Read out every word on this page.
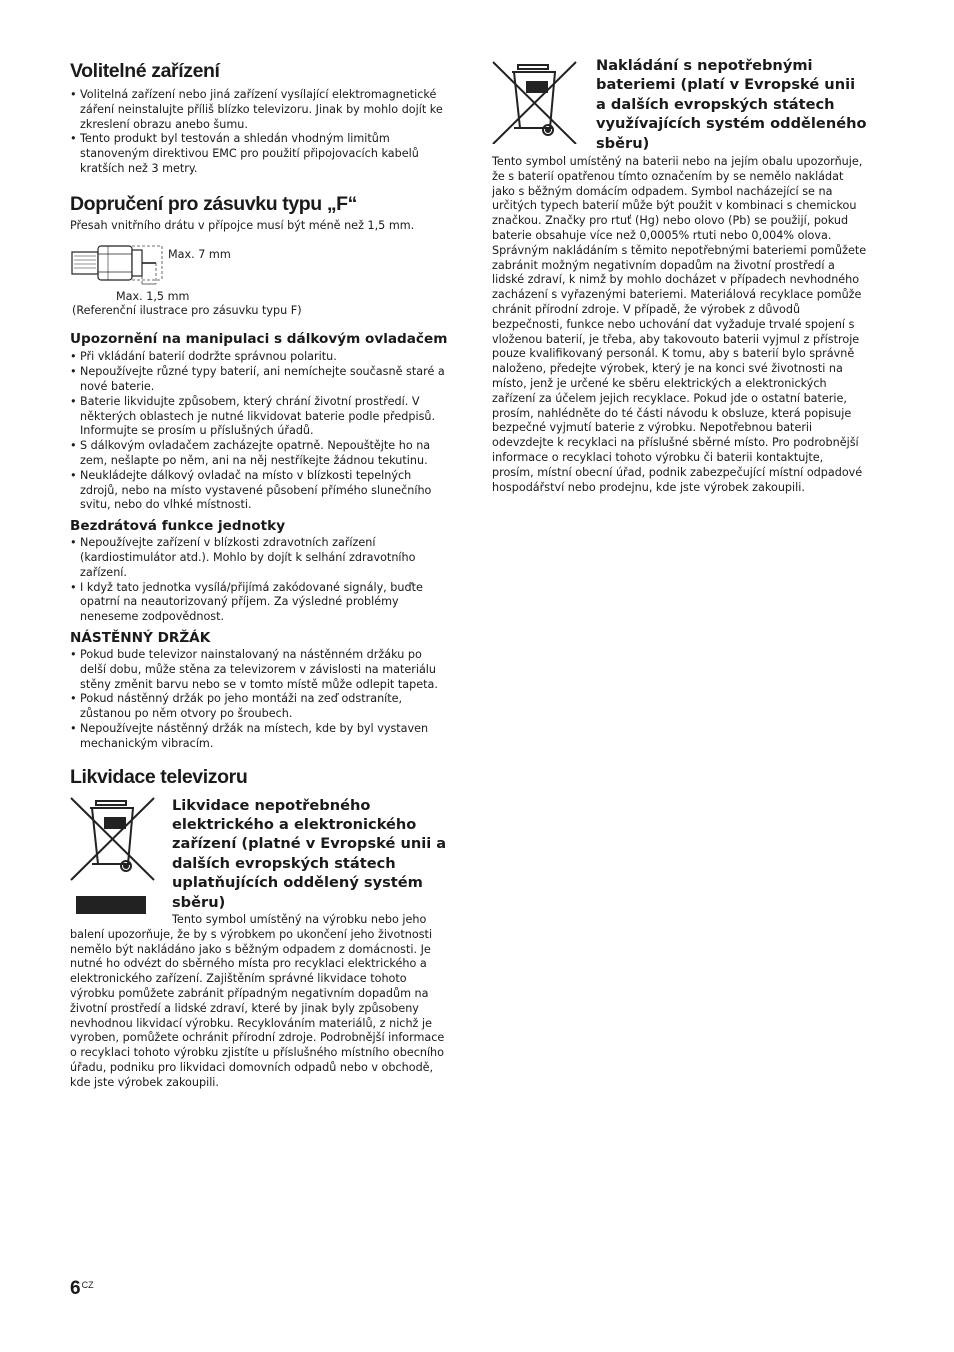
Volitelné zařízení
• Volitelná zařízení nebo jiná zařízení vysílající elektromagnetické záření neinstalujte příliš blízko televizoru. Jinak by mohlo dojít ke zkreslení obrazu anebo šumu.
• Tento produkt byl testován a shledán vhodným limitům stanoveným direktivou EMC pro použití připojovacích kabelů kratších než 3 metry.
Dopručení pro zásuvku typu „F“

Přesah vnitřního drátu v přípojce musí být méně než 1,5 mm.

Max. 7 mm
Max. 1,5 mm

(Referenční ilustrace pro zásuvku typu F)

Upozornění na manipulaci s dálkovým ovladačem
• Při vkládání baterií dodržte správnou polaritu.
• Nepoužívejte různé typy baterií, ani nemíchejte současně staré a nové baterie.
• Baterie likvidujte způsobem, který chrání životní prostředí. V některých oblastech je nutné likvidovat baterie podle předpisů. Informujte se prosím u příslušných úřadů.
• S dálkovým ovladačem zacházejte opatrně. Nepouštějte ho na zem, nešlapte po něm, ani na něj nestříkejte žádnou tekutinu.
• Neukládejte dálkový ovladač na místo v blízkosti tepelných zdrojů, nebo na místo vystavené působení přímého slunečního svitu, nebo do vlhké místnosti.
Bezdrátová funkce jednotky
• Nepoužívejte zařízení v blízkosti zdravotních zařízení (kardiostimulátor atd.). Mohlo by dojít k selhání zdravotního zařízení.
• I když tato jednotka vysílá/přijímá zakódované signály, buďte opatrní na neautorizovaný příjem. Za výsledné problémy neneseme zodpovědnost.
NÁSTĚNNÝ DRŽÁK
• Pokud bude televizor nainstalovaný na nástěnném držáku po delší dobu, může stěna za televizorem v závislosti na materiálu stěny změnit barvu nebo se v tomto místě může odlepit tapeta.
• Pokud nástěnný držák po jeho montáži na zeď odstraníte, zůstanou po něm otvory po šroubech.
• Nepoužívejte nástěnný držák na místech, kde by byl vystaven mechanickým vibracím.
Likvidace televizoru

Likvidace nepotřebného elektrického a elektronického zařízení (platné v Evropské unii a dalších evropských státech uplatňujících oddělený systém sběru)

Tento symbol umístěný na výrobku nebo jeho balení upozorňuje, že by s výrobkem po ukončení jeho životnosti nemělo být nakládáno jako s běžným odpadem z domácnosti. Je nutné ho odvézt do sběrného místa pro recyklaci elektrického a elektronického zařízení. Zajištěním správné likvidace tohoto výrobku pomůžete zabránit případným negativním dopadům na životní prostředí a lidské zdraví, které by jinak byly způsobeny nevhodnou likvidací výrobku. Recyklováním materiálů, z nichž je vyroben, pomůžete ochránit přírodní zdroje. Podrobnější informace o recyklaci tohoto výrobku zjistíte u příslušného místního obecního úřadu, podniku pro likvidaci domovních odpadů nebo v obchodě, kde jste výrobek zakoupili.

Nakládání s nepotřebnými bateriemi (platí v Evropské unii a dalších evropských státech využívajících systém odděleného sběru)

Tento symbol umístěný na baterii nebo na jejím obalu upozorňuje, že s baterií opatřenou tímto označením by se nemělo nakládat jako s běžným domácím odpadem. Symbol nacházející se na určitých typech baterií může být použit v kombinaci s chemickou značkou. Značky pro rtuť (Hg) nebo olovo (Pb) se použijí, pokud baterie obsahuje více než 0,0005% rtuti nebo 0,004% olova. Správným nakládáním s těmito nepotřebnými bateriemi pomůžete zabránit možným negativním dopadům na životní prostředí a lidské zdraví, k nimž by mohlo docházet v případech nevhodného zacházení s vyřazenými bateriemi. Materiálová recyklace pomůže chránit přírodní zdroje. V případě, že výrobek z důvodů bezpečnosti, funkce nebo uchování dat vyžaduje trvalé spojení s vloženou baterií, je třeba, aby takovouto baterii vyjmul z přístroje pouze kvalifikovaný personál. K tomu, aby s baterií bylo správně naloženo, předejte výrobek, který je na konci své životnosti na místo, jenž je určené ke sběru elektrických a elektronických zařízení za účelem jejich recyklace. Pokud jde o ostatní baterie, prosím, nahlédněte do té části návodu k obsluze, která popisuje bezpečné vyjmutí baterie z výrobku. Nepotřebnou baterii odevzdejte k recyklaci na příslušné sběrné místo. Pro podrobnější informace o recyklaci tohoto výrobku či baterii kontaktujte, prosím, místní obecní úřad, podnik zabezpečující místní odpadové hospodářství nebo prodejnu, kde jste výrobek zakoupili.

$6^{CZ}$
